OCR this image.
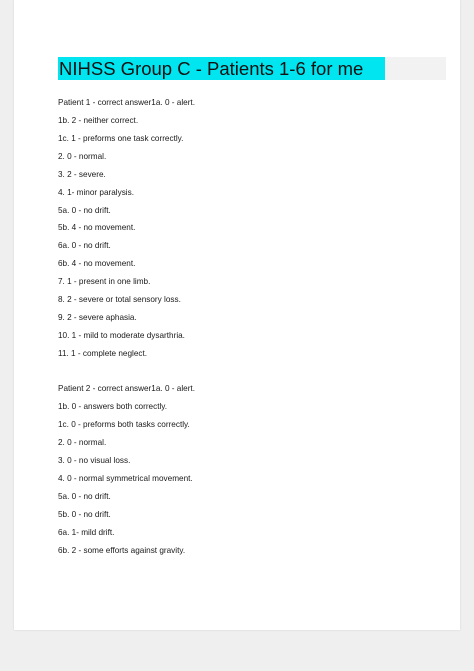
NIHSS Group C - Patients 1-6 for me
Patient 1 - correct answer1a. 0 - alert.
1b. 2 - neither correct.
1c. 1 - preforms one task correctly.
2. 0 - normal.
3. 2 - severe.
4. 1- minor paralysis.
5a. 0 - no drift.
5b. 4 - no movement.
6a. 0 - no drift.
6b. 4 - no movement.
7. 1 - present in one limb.
8. 2 - severe or total sensory loss.
9. 2 - severe aphasia.
10. 1 - mild to moderate dysarthria.
11. 1 - complete neglect.
Patient 2 - correct answer1a. 0 - alert.
1b. 0 - answers both correctly.
1c. 0 - preforms both tasks correctly.
2. 0 - normal.
3. 0 - no visual loss.
4. 0 - normal symmetrical movement.
5a. 0 - no drift.
5b. 0 - no drift.
6a. 1- mild drift.
6b. 2 - some efforts against gravity.
